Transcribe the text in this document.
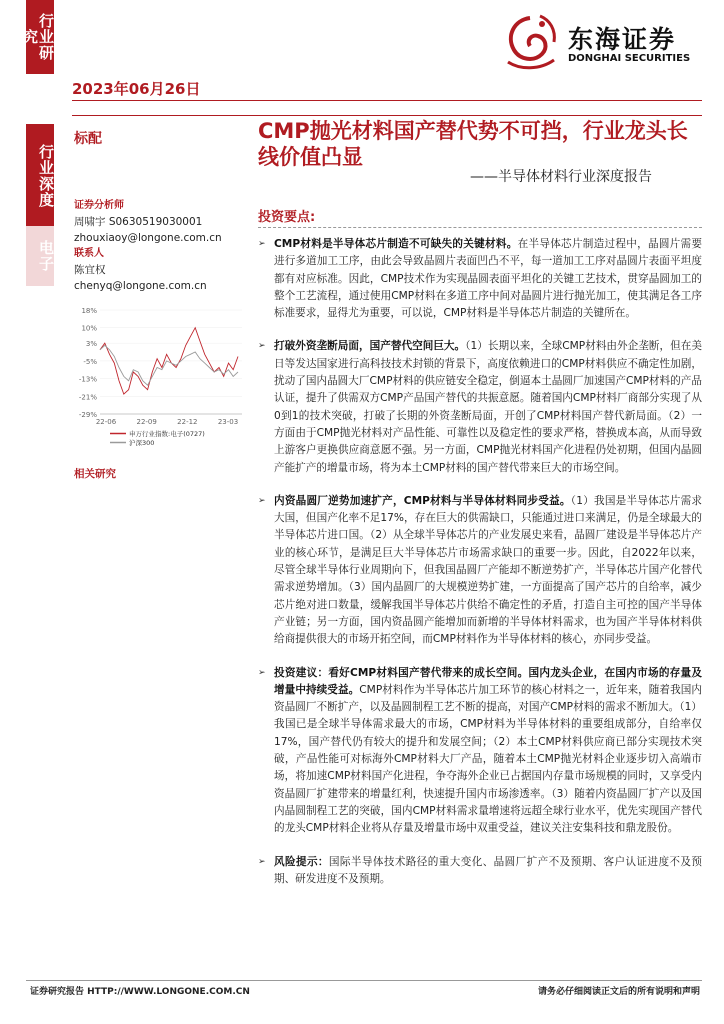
行业研究
行业深度
电子
2023年06月26日
东海证券
DONGHAI SECURITIES
标配	CMP抛光材料国产替代势不可挡，行业龙头长线价值凸显
——半导体材料行业深度报告
证券分析师
周啸宇 S0630519030001
zhouxiaoy@longone.com.cn
联系人
陈宜权
chenyq@longone.com.cn
18%
10%
3%
-5%
-13%
-21%
-29%
22-06	22-09	22-12	23-03
申万行业指数:电子(0727)
沪深300
相关研究
投资要点:
➢ CMP材料是半导体芯片制造不可缺失的关键材料。在半导体芯片制造过程中，晶圆片需要进行多道加工工序，由此会导致晶圆片表面凹凸不平，每一道加工工序对晶圆片表面平坦度都有对应标准。因此，CMP技术作为实现晶圆表面平坦化的关键工艺技术，贯穿晶圆加工的整个工艺流程，通过使用CMP材料在多道工序中间对晶圆片进行抛光加工，使其满足各工序标准要求，显得尤为重要，可以说，CMP材料是半导体芯片制造的关键所在。
➢ 打破外资垄断局面，国产替代空间巨大。（1）长期以来，全球CMP材料由外企垄断，但在美日等发达国家进行高科技技术封锁的背景下，高度依赖进口的CMP材料供应不确定性加剧，扰动了国内晶圆大厂CMP材料的供应链安全稳定，倒逼本土晶圆厂加速国产CMP材料的产品认证，提升了供需双方CMP产品国产替代的共振意愿。随着国内CMP材料厂商部分实现了从0到1的技术突破，打破了长期的外资垄断局面，开创了CMP材料国产替代新局面。（2）一方面由于CMP抛光材料对产品性能、可靠性以及稳定性的要求严格，替换成本高，从而导致上游客户更换供应商意愿不强。另一方面，CMP抛光材料国产化进程仍处初期，但国内晶圆产能扩产的增量市场，将为本土CMP材料的国产替代带来巨大的市场空间。
➢ 内资晶圆厂逆势加速扩产，CMP材料与半导体材料同步受益。（1）我国是半导体芯片需求大国，但国产化率不足17%，存在巨大的供需缺口，只能通过进口来满足，仍是全球最大的半导体芯片进口国。（2）从全球半导体芯片的产业发展史来看，晶圆厂建设是半导体芯片产业的核心环节，是满足巨大半导体芯片市场需求缺口的重要一步。因此，自2022年以来，尽管全球半导体行业周期向下，但我国晶圆厂产能却不断逆势扩产，半导体芯片国产化替代需求逆势增加。（3）国内晶圆厂的大规模逆势扩建，一方面提高了国产芯片的自给率，减少芯片绝对进口数量，缓解我国半导体芯片供给不确定性的矛盾，打造自主可控的国产半导体产业链；另一方面，国内资晶圆产能增加而新增的半导体材料需求，也为国产半导体材料供给商提供很大的市场开拓空间，而CMP材料作为半导体材料的核心，亦同步受益。
➢ 投资建议：看好CMP材料国产替代带来的成长空间。国内龙头企业，在国内市场的存量及增量中持续受益。CMP材料作为半导体芯片加工环节的核心材料之一，近年来，随着我国内资晶圆厂不断扩产，以及晶圆制程工艺不断的提高，对国产CMP材料的需求不断加大。（1）我国已是全球半导体需求最大的市场，CMP材料为半导体材料的重要组成部分，自给率仅17%，国产替代仍有较大的提升和发展空间；（2）本土CMP材料供应商已部分实现技术突破，产品性能可对标海外CMP材料大厂产品，随着本土CMP抛光材料企业逐步切入高端市场，将加速CMP材料国产化进程，争夺海外企业已占据国内存量市场规模的同时，又享受内资晶圆厂扩建带来的增量红利，快速提升国内市场渗透率。（3）随着内资晶圆厂扩产以及国内晶圆制程工艺的突破，国内CMP材料需求量增速将远超全球行业水平，优先实现国产替代的龙头CMP材料企业将从存量及增量市场中双重受益，建议关注安集科技和鼎龙股份。
➢ 风险提示：国际半导体技术路径的重大变化、晶圆厂扩产不及预期、客户认证进度不及预期、研发进度不及预期。
证券研究报告 HTTP://WWW.LONGONE.COM.CN	请务必仔细阅读正文后的所有说明和声明
